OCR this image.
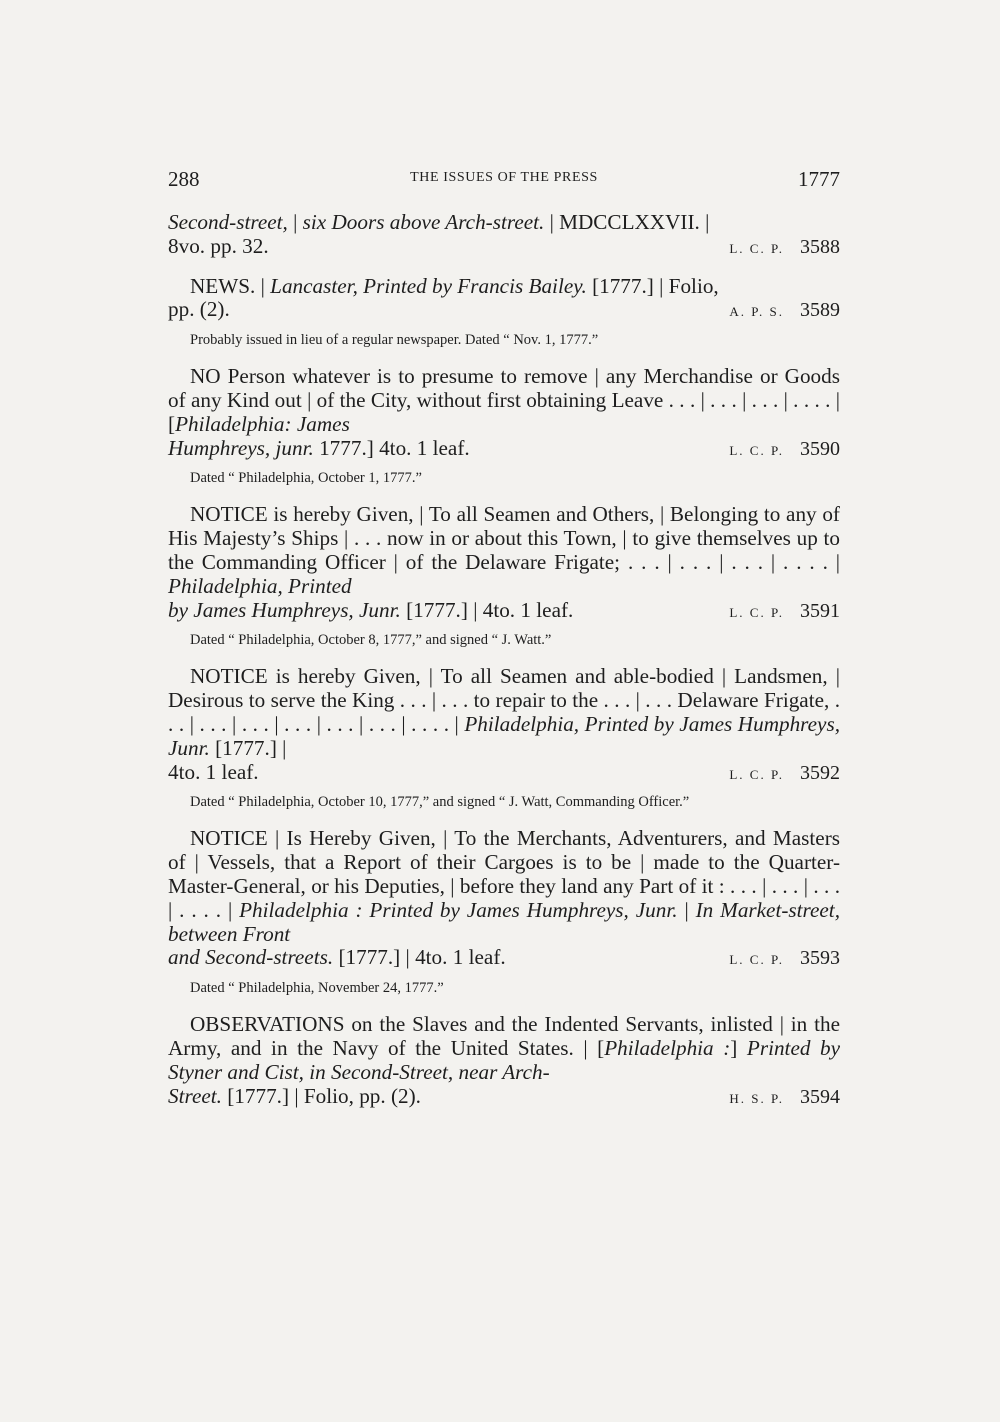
288	THE ISSUES OF THE PRESS	1777
Second-street, | six Doors above Arch-street. | MDCCLXXVII. |
8vo. pp. 32.	L. C. P. 3588
NEWS. | Lancaster, Printed by Francis Bailey. [1777.] | Folio,
pp. (2).	A. P. S. 3589
Probably issued in lieu of a regular newspaper. Dated “ Nov. 1, 1777.”
NO Person whatever is to presume to remove | any Merchandise or Goods of any Kind out | of the City, without first obtaining Leave . . . | . . . | . . . | . . . . | [Philadelphia: James
Humphreys, junr. 1777.] 4to. 1 leaf.	L. C. P. 3590
Dated “ Philadelphia, October 1, 1777.”
NOTICE is hereby Given, | To all Seamen and Others, | Belonging to any of His Majesty’s Ships | . . . now in or about this Town, | to give themselves up to the Commanding Officer | of the Delaware Frigate; . . . | . . . | . . . | . . . . | Philadelphia, Printed
by James Humphreys, Junr. [1777.] | 4to. 1 leaf.	L. C. P. 3591
Dated “ Philadelphia, October 8, 1777,” and signed “ J. Watt.”
NOTICE is hereby Given, | To all Seamen and able-bodied | Landsmen, | Desirous to serve the King . . . | . . . to repair to the . . . | . . . Delaware Frigate, . . . | . . . | . . . | . . . | . . . | . . . | . . . . | Philadelphia, Printed by James Humphreys, Junr. [1777.] |
4to. 1 leaf.	L. C. P. 3592
Dated “ Philadelphia, October 10, 1777,” and signed “ J. Watt, Commanding Officer.”
NOTICE | Is Hereby Given, | To the Merchants, Adventurers, and Masters of | Vessels, that a Report of their Cargoes is to be | made to the Quarter-Master-General, or his Deputies, | before they land any Part of it : . . . | . . . | . . . | . . . . | Philadelphia : Printed by James Humphreys, Junr. | In Market-street, between Front
and Second-streets. [1777.] | 4to. 1 leaf.	L. C. P. 3593
Dated “ Philadelphia, November 24, 1777.”
OBSERVATIONS on the Slaves and the Indented Servants, inlisted | in the Army, and in the Navy of the United States. | [Philadelphia :] Printed by Styner and Cist, in Second-Street, near Arch-
Street. [1777.] | Folio, pp. (2).	H. S. P. 3594
